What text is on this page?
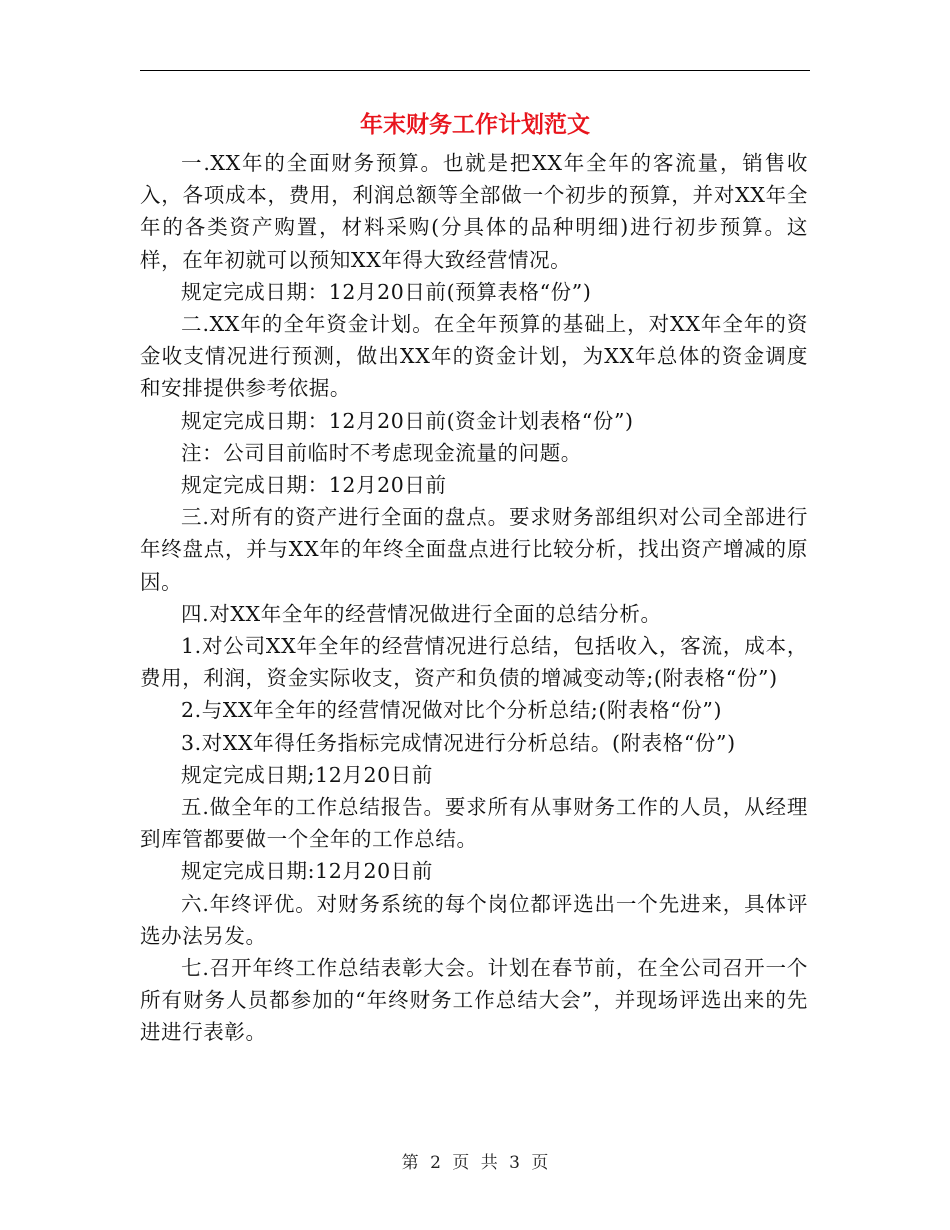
年末财务工作计划范文

一.XX年的全面财务预算。也就是把XX年全年的客流量，销售收入，各项成本，费用，利润总额等全部做一个初步的预算，并对XX年全年的各类资产购置，材料采购(分具体的品种明细)进行初步预算。这样，在年初就可以预知XX年得大致经营情况。

规定完成日期：12月20日前(预算表格“份”)

二.XX年的全年资金计划。在全年预算的基础上，对XX年全年的资金收支情况进行预测，做出XX年的资金计划，为XX年总体的资金调度和安排提供参考依据。

规定完成日期：12月20日前(资金计划表格“份”)

注：公司目前临时不考虑现金流量的问题。

规定完成日期：12月20日前

三.对所有的资产进行全面的盘点。要求财务部组织对公司全部进行年终盘点，并与XX年的年终全面盘点进行比较分析，找出资产增减的原因。

四.对XX年全年的经营情况做进行全面的总结分析。

1.对公司XX年全年的经营情况进行总结，包括收入，客流，成本，费用，利润，资金实际收支，资产和负债的增减变动等;(附表格“份”)

2.与XX年全年的经营情况做对比个分析总结;(附表格“份”)

3.对XX年得任务指标完成情况进行分析总结。(附表格“份”)

规定完成日期;12月20日前

五.做全年的工作总结报告。要求所有从事财务工作的人员，从经理到库管都要做一个全年的工作总结。

规定完成日期:12月20日前

六.年终评优。对财务系统的每个岗位都评选出一个先进来，具体评选办法另发。

七.召开年终工作总结表彰大会。计划在春节前，在全公司召开一个所有财务人员都参加的“年终财务工作总结大会”，并现场评选出来的先进进行表彰。

第 2 页 共 3 页
